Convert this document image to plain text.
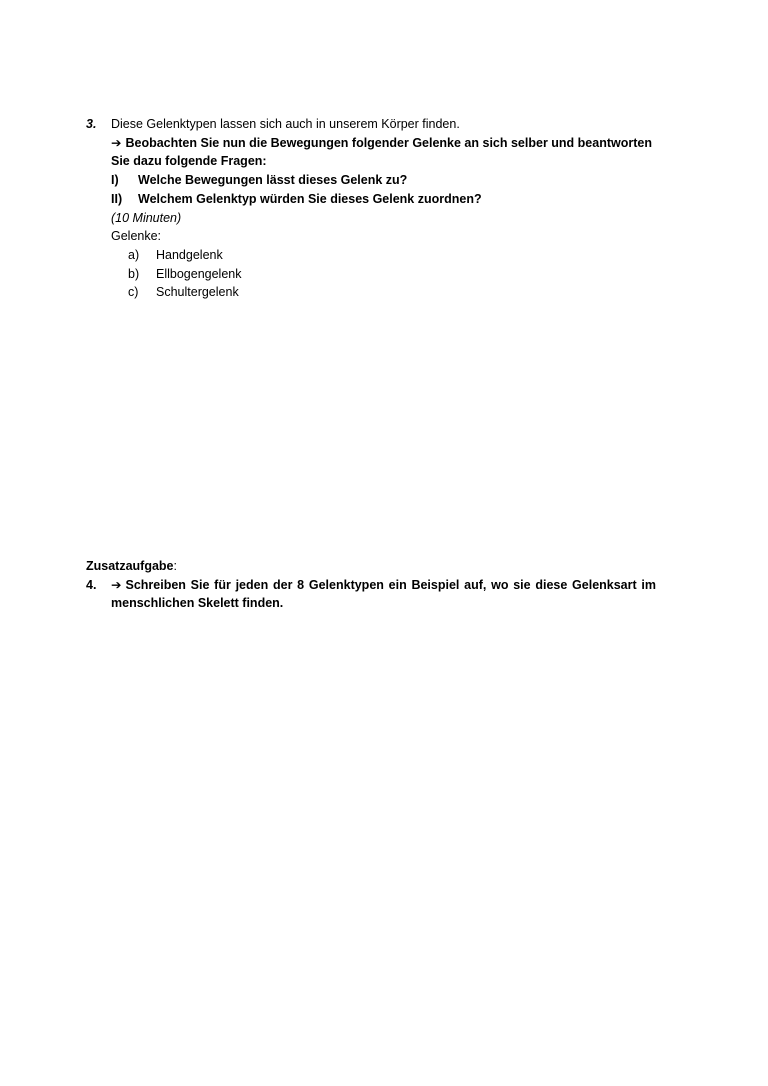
3.	Diese Gelenktypen lassen sich auch in unserem Körper finden.
➔ Beobachten Sie nun die Bewegungen folgender Gelenke an sich selber und beantworten
Sie dazu folgende Fragen:
I)	Welche Bewegungen lässt dieses Gelenk zu?
II)	Welchem Gelenktyp würden Sie dieses Gelenk zuordnen?
(10 Minuten)
Gelenke:
a)	Handgelenk
b)	Ellbogengelenk
c)	Schultergelenk
Zusatzaufgabe:
4.	➔ Schreiben Sie für jeden der 8 Gelenktypen ein Beispiel auf, wo sie diese Gelenksart im
menschlichen Skelett finden.
